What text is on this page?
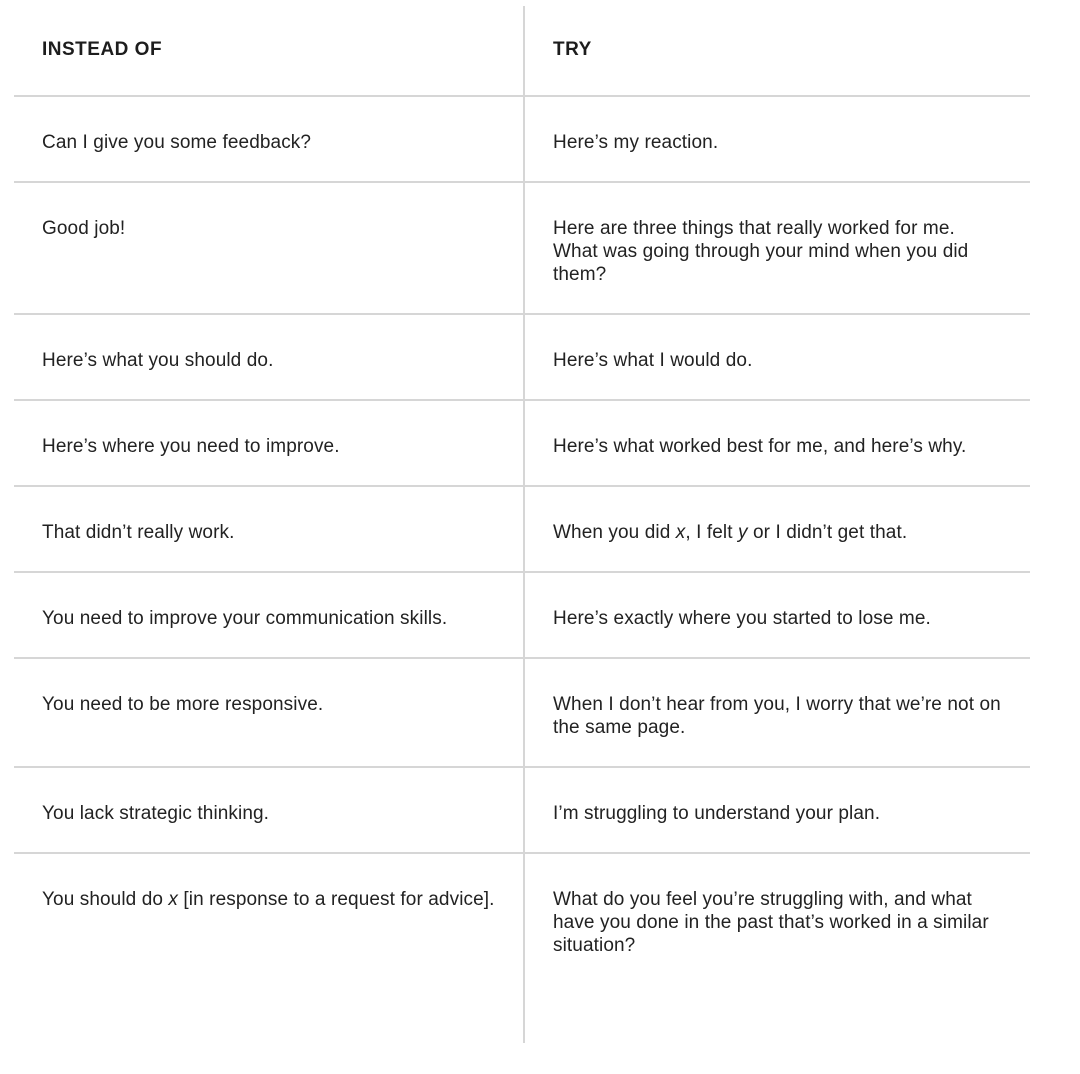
INSTEAD OF	TRY
Can I give you some feedback?	Here’s my reaction.
Good job!	Here are three things that really worked for me. What was going through your mind when you did them?
Here’s what you should do.	Here’s what I would do.
Here’s where you need to improve.	Here’s what worked best for me, and here’s why.
That didn’t really work.	When you did x, I felt y or I didn’t get that.
You need to improve your communication skills.	Here’s exactly where you started to lose me.
You need to be more responsive.	When I don’t hear from you, I worry that we’re not on the same page.
You lack strategic thinking.	I’m struggling to understand your plan.
You should do x [in response to a request for advice].	What do you feel you’re struggling with, and what have you done in the past that’s worked in a similar situation?
